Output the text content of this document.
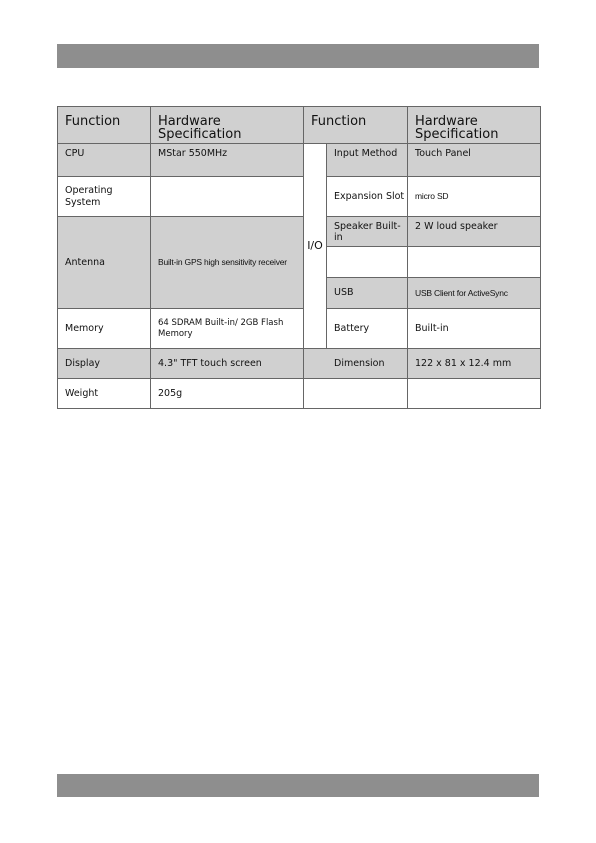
Function	Hardware Specification	Function		Hardware Specification
CPU	MStar 550MHz	I/O	Input Method	Touch Panel
Operating System			Expansion Slot	micro SD
Antenna	Built-in GPS high sensitivity receiver		Speaker Built-in	2 W loud speaker

			USB	USB Client for ActiveSync
Memory	64 SDRAM Built-in/ 2GB Flash Memory		Battery	Built-in
Display	4.3" TFT touch screen	Dimension		122 x 81 x 12.4 mm
Weight	205g			
